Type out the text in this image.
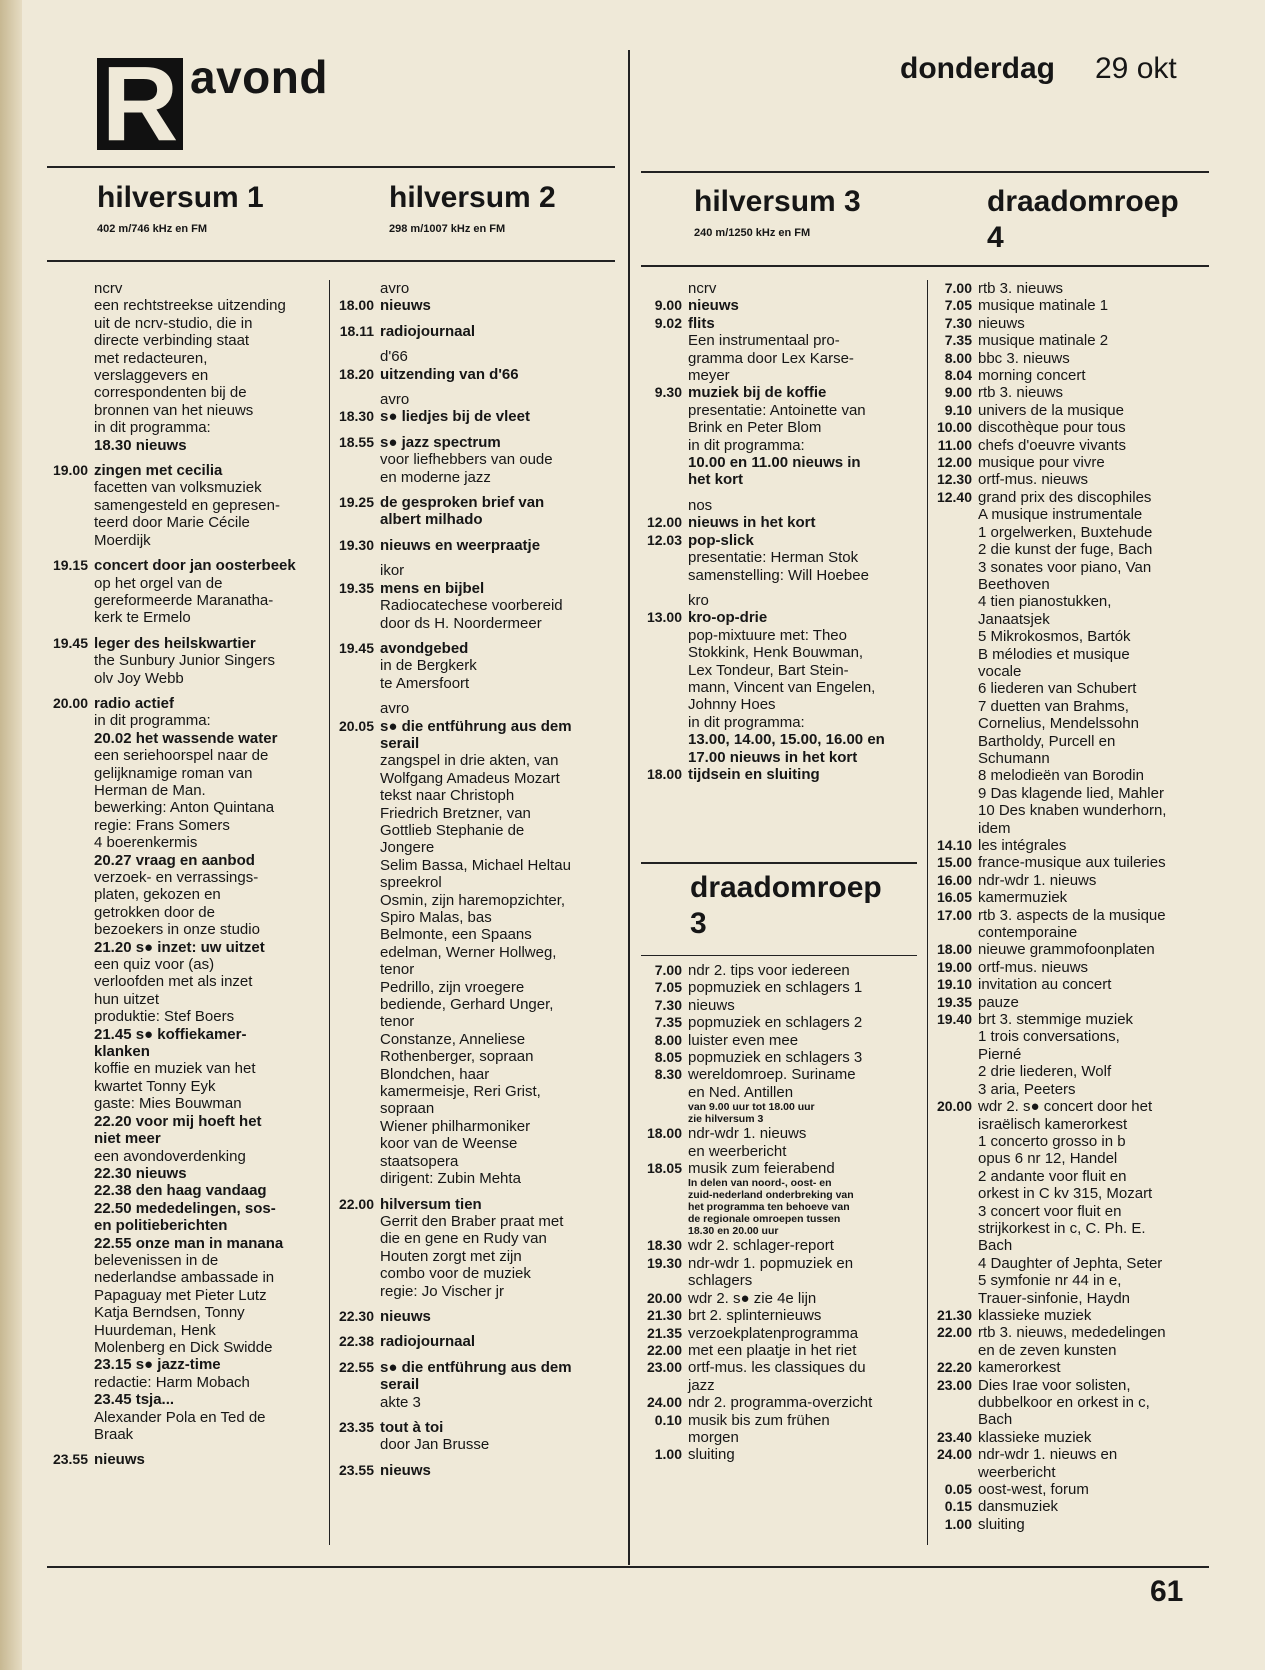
R avond	donderdag 29 okt
hilversum 1
402 m/746 kHz en FM
hilversum 2
298 m/1007 kHz en FM
hilversum 3
240 m/1250 kHz en FM
draadomroep
4
draadomroep
3
ncrv
een rechtstreekse uitzending
uit de ncrv-studio, die in
directe verbinding staat
met redacteuren,
verslaggevers en
correspondenten bij de
bronnen van het nieuws
in dit programma:
18.30 nieuws
19.00 zingen met cecilia
facetten van volksmuziek
samengesteld en gepresen-
teerd door Marie Cécile
Moerdijk
19.15 concert door jan oosterbeek
op het orgel van de
gereformeerde Maranatha-
kerk te Ermelo
19.45 leger des heilskwartier
the Sunbury Junior Singers
olv Joy Webb
20.00 radio actief
in dit programma:
20.02 het wassende water
een seriehoorspel naar de
gelijknamige roman van
Herman de Man.
bewerking: Anton Quintana
regie: Frans Somers
4 boerenkermis
20.27 vraag en aanbod
verzoek- en verrassings-
platen, gekozen en
getrokken door de
bezoekers in onze studio
21.20 s● inzet: uw uitzet
een quiz voor (as)
verloofden met als inzet
hun uitzet
produktie: Stef Boers
21.45 s● koffiekamer-
klanken
koffie en muziek van het
kwartet Tonny Eyk
gaste: Mies Bouwman
22.20 voor mij hoeft het
niet meer
een avondoverdenking
22.30 nieuws
22.38 den haag vandaag
22.50 mededelingen, sos-
en politieberichten
22.55 onze man in manana
belevenissen in de
nederlandse ambassade in
Papaguay met Pieter Lutz
Katja Berndsen, Tonny
Huurdeman, Henk
Molenberg en Dick Swidde
23.15 s● jazz-time
redactie: Harm Mobach
23.45 tsja...
Alexander Pola en Ted de
Braak
23.55 nieuws
avro
18.00 nieuws
18.11 radiojournaal
d'66
18.20 uitzending van d'66
avro
18.30 s● liedjes bij de vleet
18.55 s● jazz spectrum
voor liefhebbers van oude
en moderne jazz
19.25 de gesproken brief van
albert milhado
19.30 nieuws en weerpraatje
ikor
19.35 mens en bijbel
Radiocatechese voorbereid
door ds H. Noordermeer
19.45 avondgebed
in de Bergkerk
te Amersfoort
avro
20.05 s● die entführung aus dem
serail
zangspel in drie akten, van
Wolfgang Amadeus Mozart
tekst naar Christoph
Friedrich Bretzner, van
Gottlieb Stephanie de
Jongere
Selim Bassa, Michael Heltau
spreekrol
Osmin, zijn haremopzichter,
Spiro Malas, bas
Belmonte, een Spaans
edelman, Werner Hollweg,
tenor
Pedrillo, zijn vroegere
bediende, Gerhard Unger,
tenor
Constanze, Anneliese
Rothenberger, sopraan
Blondchen, haar
kamermeisje, Reri Grist,
sopraan
Wiener philharmoniker
koor van de Weense
staatsopera
dirigent: Zubin Mehta
22.00 hilversum tien
Gerrit den Braber praat met
die en gene en Rudy van
Houten zorgt met zijn
combo voor de muziek
regie: Jo Vischer jr
22.30 nieuws
22.38 radiojournaal
22.55 s● die entführung aus dem
serail
akte 3
23.35 tout à toi
door Jan Brusse
23.55 nieuws
ncrv
9.00 nieuws
9.02 flits
Een instrumentaal pro-
gramma door Lex Karse-
meyer
9.30 muziek bij de koffie
presentatie: Antoinette van
Brink en Peter Blom
in dit programma:
10.00 en 11.00 nieuws in
het kort
nos
12.00 nieuws in het kort
12.03 pop-slick
presentatie: Herman Stok
samenstelling: Will Hoebee
kro
13.00 kro-op-drie
pop-mixtuure met: Theo
Stokkink, Henk Bouwman,
Lex Tondeur, Bart Stein-
mann, Vincent van Engelen,
Johnny Hoes
in dit programma:
13.00, 14.00, 15.00, 16.00 en
17.00 nieuws in het kort
18.00 tijdsein en sluiting
7.00 ndr 2. tips voor iedereen
7.05 popmuziek en schlagers 1
7.30 nieuws
7.35 popmuziek en schlagers 2
8.00 luister even mee
8.05 popmuziek en schlagers 3
8.30 wereldomroep. Suriname
en Ned. Antillen
van 9.00 uur tot 18.00 uur
zie hilversum 3
18.00 ndr-wdr 1. nieuws
en weerbericht
18.05 musik zum feierabend
In delen van noord-, oost- en
zuid-nederland onderbreking van
het programma ten behoeve van
de regionale omroepen tussen
18.30 en 20.00 uur
18.30 wdr 2. schlager-report
19.30 ndr-wdr 1. popmuziek en
schlagers
20.00 wdr 2. s● zie 4e lijn
21.30 brt 2. splinternieuws
21.35 verzoekplatenprogramma
22.00 met een plaatje in het riet
23.00 ortf-mus. les classiques du
jazz
24.00 ndr 2. programma-overzicht
0.10 musik bis zum frühen
morgen
1.00 sluiting
7.00 rtb 3. nieuws
7.05 musique matinale 1
7.30 nieuws
7.35 musique matinale 2
8.00 bbc 3. nieuws
8.04 morning concert
9.00 rtb 3. nieuws
9.10 univers de la musique
10.00 discothèque pour tous
11.00 chefs d'oeuvre vivants
12.00 musique pour vivre
12.30 ortf-mus. nieuws
12.40 grand prix des discophiles
A musique instrumentale
1 orgelwerken, Buxtehude
2 die kunst der fuge, Bach
3 sonates voor piano, Van
Beethoven
4 tien pianostukken,
Janaatsjek
5 Mikrokosmos, Bartók
B mélodies et musique
vocale
6 liederen van Schubert
7 duetten van Brahms,
Cornelius, Mendelssohn
Bartholdy, Purcell en
Schumann
8 melodieën van Borodin
9 Das klagende lied, Mahler
10 Des knaben wunderhorn,
idem
14.10 les intégrales
15.00 france-musique aux tuileries
16.00 ndr-wdr 1. nieuws
16.05 kamermuziek
17.00 rtb 3. aspects de la musique
contemporaine
18.00 nieuwe grammofoonplaten
19.00 ortf-mus. nieuws
19.10 invitation au concert
19.35 pauze
19.40 brt 3. stemmige muziek
1 trois conversations,
Pierné
2 drie liederen, Wolf
3 aria, Peeters
20.00 wdr 2. s● concert door het
israëlisch kamerorkest
1 concerto grosso in b
opus 6 nr 12, Handel
2 andante voor fluit en
orkest in C kv 315, Mozart
3 concert voor fluit en
strijkorkest in c, C. Ph. E.
Bach
4 Daughter of Jephta, Seter
5 symfonie nr 44 in e,
Trauer-sinfonie, Haydn
21.30 klassieke muziek
22.00 rtb 3. nieuws, mededelingen
en de zeven kunsten
22.20 kamerorkest
23.00 Dies Irae voor solisten,
dubbelkoor en orkest in c,
Bach
23.40 klassieke muziek
24.00 ndr-wdr 1. nieuws en
weerbericht
0.05 oost-west, forum
0.15 dansmuziek
1.00 sluiting
61
